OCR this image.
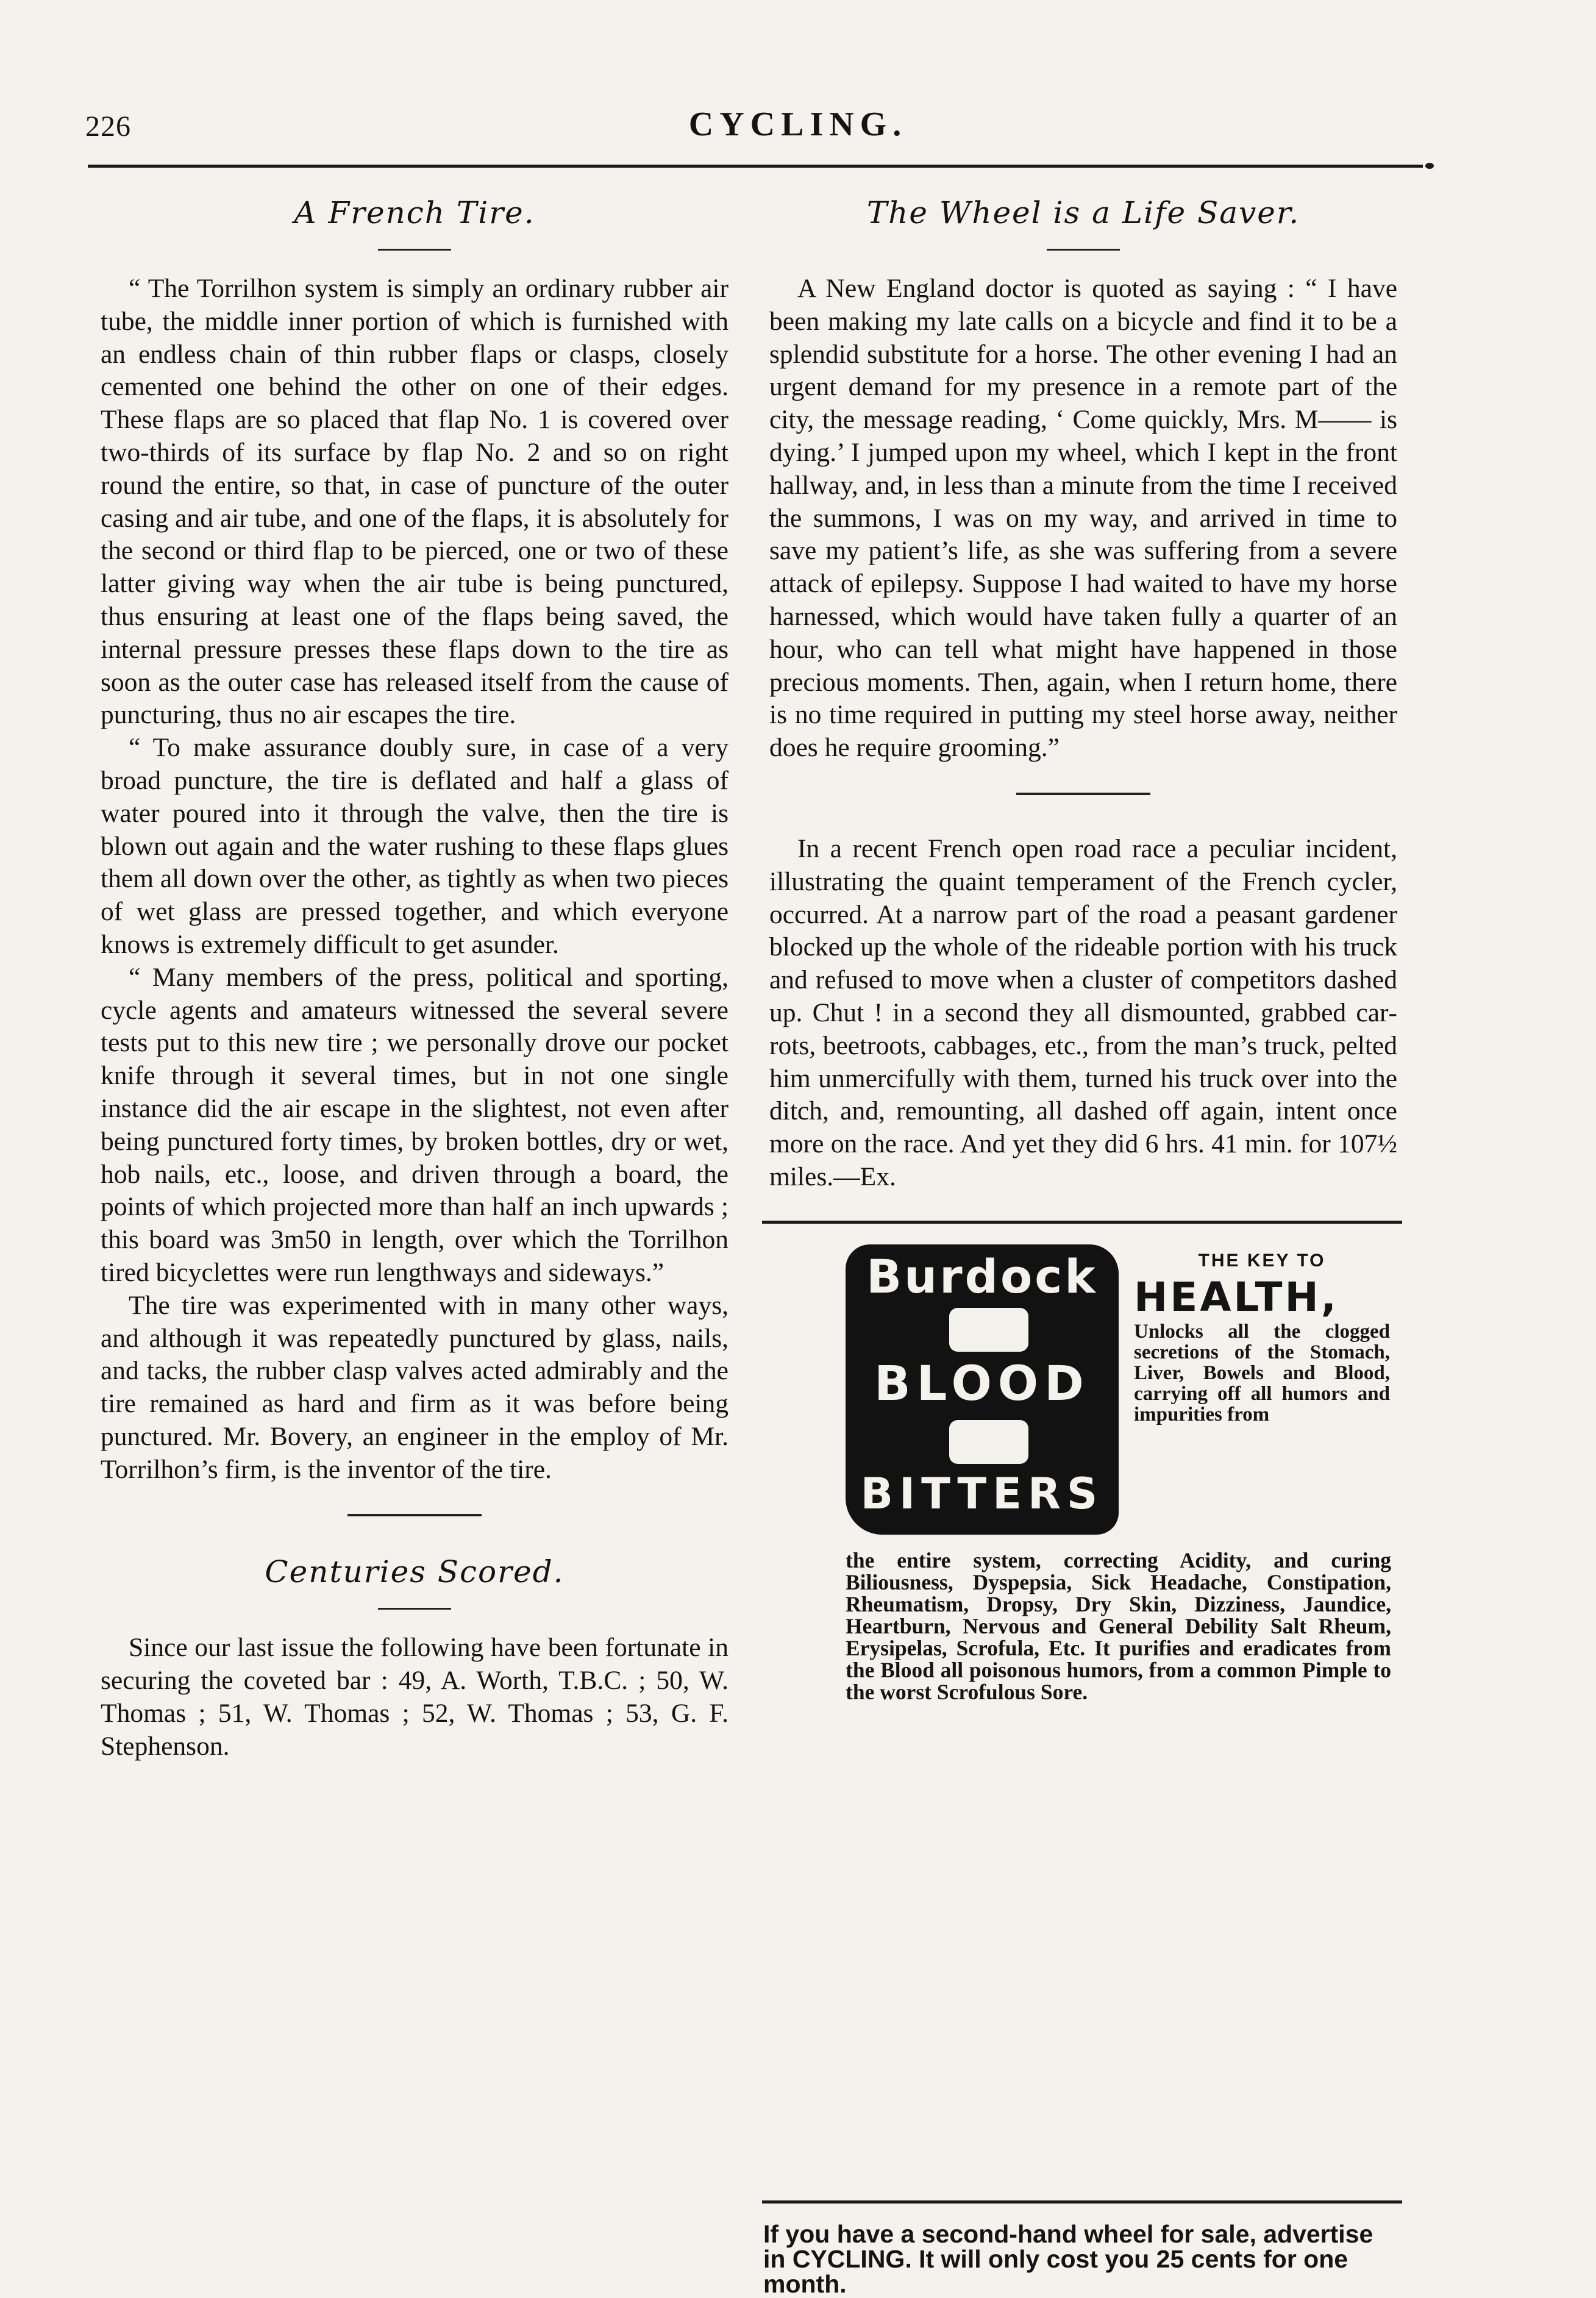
226	CYCLING.
A French Tire.

“ The Torrilhon system is simply an ordinary rubber air tube, the middle inner portion of which is furnished with an endless chain of thin rubber flaps or clasps, closely cemented one behind the other on one of their edges. These flaps are so placed that flap No. 1 is covered over two-thirds of its surface by flap No. 2 and so on right round the entire, so that, in case of puncture of the outer casing and air tube, and one of the flaps, it is absolutely for the second or third flap to be pierced, one or two of these latter giving way when the air tube is being punctured, thus ensuring at least one of the flaps being saved, the internal pressure presses these flaps down to the tire as soon as the outer case has released itself from the cause of puncturing, thus no air escapes the tire.

“ To make assurance doubly sure, in case of a very broad puncture, the tire is deflated and half a glass of water poured into it through the valve, then the tire is blown out again and the water rushing to these flaps glues them all down over the other, as tightly as when two pieces of wet glass are pressed together, and which everyone knows is extremely difficult to get asunder.

“ Many members of the press, political and sporting, cycle agents and amateurs witnessed the several severe tests put to this new tire ; we personally drove our pocket knife through it several times, but in not one single instance did the air escape in the slightest, not even after being punctured forty times, by broken bottles, dry or wet, hob nails, etc., loose, and driven through a board, the points of which projected more than half an inch upwards ; this board was 3m50 in length, over which the Torrilhon tired bicyclettes were run lengthways and sideways.”

The tire was experimented with in many other ways, and although it was repeatedly punctured by glass, nails, and tacks, the rubber clasp valves acted admirably and the tire remained as hard and firm as it was before being punctured. Mr. Bovery, an engineer in the employ of Mr. Torrilhon’s firm, is the inventor of the tire.

Centuries Scored.

Since our last issue the following have been fortunate in securing the coveted bar : 49, A. Worth, T.B.C. ; 50, W. Thomas ; 51, W. Thomas ; 52, W. Thomas ; 53, G. F. Stephenson.

The Wheel is a Life Saver.

A New England doctor is quoted as saying : “ I have been making my late calls on a bicycle and find it to be a splendid substitute for a horse. The other evening I had an urgent demand for my presence in a remote part of the city, the message reading, ‘ Come quickly, Mrs. M—— is dying.’ I jumped upon my wheel, which I kept in the front hallway, and, in less than a minute from the time I received the summons, I was on my way, and arrived in time to save my patient’s life, as she was suffering from a severe attack of epilepsy. Suppose I had waited to have my horse harnessed, which would have taken fully a quarter of an hour, who can tell what might have happened in those precious moments. Then, again, when I return home, there is no time required in putting my steel horse away, neither does he require grooming.”

In a recent French open road race a peculiar incident, illustrating the quaint temperament of the French cycler, occurred. At a narrow part of the road a peasant gardener blocked up the whole of the rideable portion with his truck and refused to move when a cluster of competitors dashed up. Chut ! in a second they all dismounted, grabbed carrots, beetroots, cabbages, etc., from the man’s truck, pelted him unmercifully with them, turned his truck over into the ditch, and, remounting, all dashed off again, intent once more on the race. And yet they did 6 hrs. 41 min. for 107½ miles.—Ex.

Burdock
BLOOD
BITTERS
THE KEY TO
HEALTH,
Unlocks all the clogged secretions of the Stomach, Liver, Bowels and Blood, carrying off all humors and impurities from
the entire system, correcting Acidity, and curing Biliousness, Dyspepsia, Sick Headache, Constipation, Rheumatism, Dropsy, Dry Skin, Dizziness, Jaundice, Heartburn, Nervous and General Debility Salt Rheum, Erysipelas, Scrofula, Etc. It purifies and eradicates from the Blood all poisonous humors, from a common Pimple to the worst Scrofulous Sore.
If you have a second-hand wheel for sale, advertise in CYCLING. It will only cost you 25 cents for one month.
